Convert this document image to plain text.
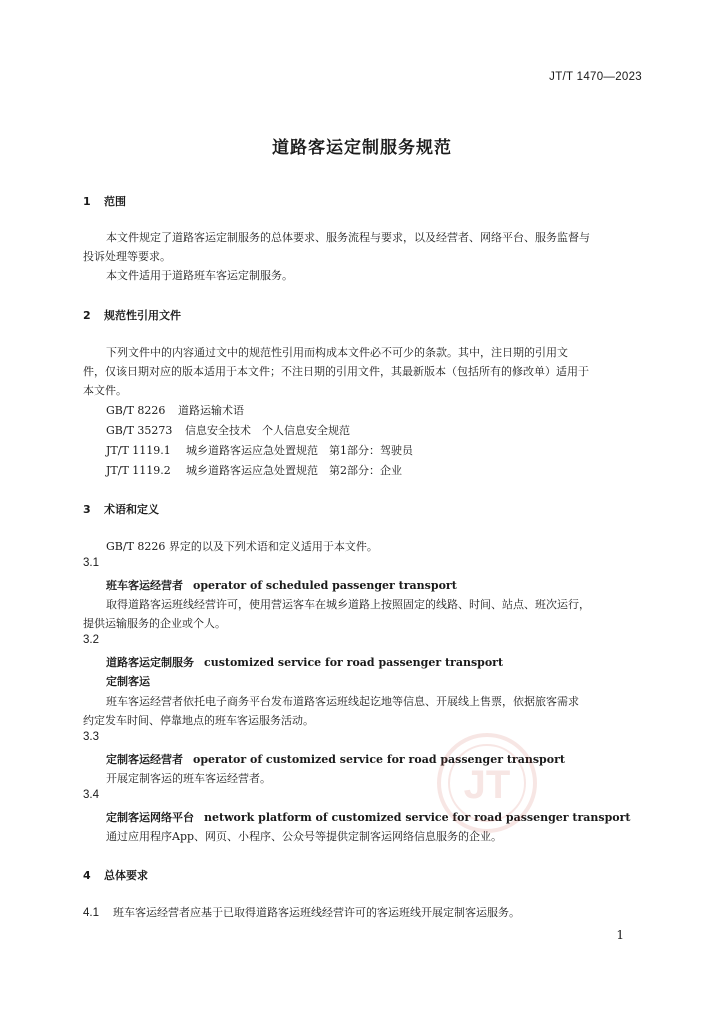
JT/T 1470—2023
道路客运定制服务规范
1 范围
本文件规定了道路客运定制服务的总体要求、服务流程与要求，以及经营者、网络平台、服务监督与
投诉处理等要求。
本文件适用于道路班车客运定制服务。
2 规范性引用文件
下列文件中的内容通过文中的规范性引用而构成本文件必不可少的条款。其中，注日期的引用文
件，仅该日期对应的版本适用于本文件；不注日期的引用文件，其最新版本（包括所有的修改单）适用于
本文件。
GB/T 8226 道路运输术语
GB/T 35273 信息安全技术　个人信息安全规范
JT/T 1119.1 城乡道路客运应急处置规范　第1部分：驾驶员
JT/T 1119.2 城乡道路客运应急处置规范　第2部分：企业
3 术语和定义
GB/T 8226 界定的以及下列术语和定义适用于本文件。
3.1
班车客运经营者 operator of scheduled passenger transport
取得道路客运班线经营许可，使用营运客车在城乡道路上按照固定的线路、时间、站点、班次运行，
提供运输服务的企业或个人。
3.2
道路客运定制服务 customized service for road passenger transport
定制客运
班车客运经营者依托电子商务平台发布道路客运班线起讫地等信息、开展线上售票，依据旅客需求
约定发车时间、停靠地点的班车客运服务活动。
3.3
定制客运经营者 operator of customized service for road passenger transport
开展定制客运的班车客运经营者。
3.4
定制客运网络平台 network platform of customized service for road passenger transport
通过应用程序App、网页、小程序、公众号等提供定制客运网络信息服务的企业。
4 总体要求
4.1 班车客运经营者应基于已取得道路客运班线经营许可的客运班线开展定制客运服务。
1
JT
